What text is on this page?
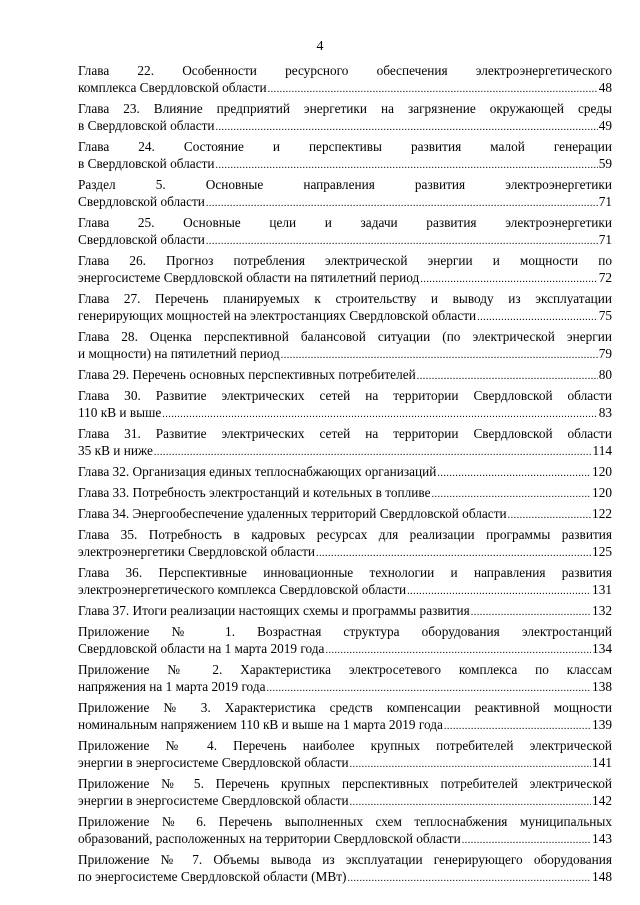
4
Глава 22. Особенности ресурсного обеспечения электроэнергетического
комплекса Свердловской области .....	48
Глава 23. Влияние предприятий энергетики на загрязнение окружающей среды
в Свердловской области .....	49
Глава 24. Состояние и перспективы развития малой генерации
в Свердловской области .....	59
Раздел 5. Основные направления развития электроэнергетики
Свердловской области .....	71
Глава 25. Основные цели и задачи развития электроэнергетики
Свердловской области .....	71
Глава 26. Прогноз потребления электрической энергии и мощности по
энергосистеме Свердловской области на пятилетний период .....	72
Глава 27. Перечень планируемых к строительству и выводу из эксплуатации
генерирующих мощностей на электростанциях Свердловской области .....	75
Глава 28. Оценка перспективной балансовой ситуации (по электрической энергии
и мощности) на пятилетний период .....	79
Глава 29. Перечень основных перспективных потребителей .....	80
Глава 30. Развитие электрических сетей на территории Свердловской области
110 кВ и выше .....	83
Глава 31. Развитие электрических сетей на территории Свердловской области
35 кВ и ниже .....	114
Глава 32. Организация единых теплоснабжающих организаций .....	120
Глава 33. Потребность электростанций и котельных в топливе .....	120
Глава 34. Энергообеспечение удаленных территорий Свердловской области .....	122
Глава 35. Потребность в кадровых ресурсах для реализации программы развития
электроэнергетики Свердловской области .....	125
Глава 36. Перспективные инновационные технологии и направления развития
электроэнергетического комплекса Свердловской области .....	131
Глава 37. Итоги реализации настоящих схемы и программы развития .....	132
Приложение № 1. Возрастная структура оборудования электростанций
Свердловской области на 1 марта 2019 года .....	134
Приложение № 2. Характеристика электросетевого комплекса по классам
напряжения на 1 марта 2019 года .....	138
Приложение № 3. Характеристика средств компенсации реактивной мощности
номинальным напряжением 110 кВ и выше на 1 марта 2019 года .....	139
Приложение № 4. Перечень наиболее крупных потребителей электрической
энергии в энергосистеме Свердловской области .....	141
Приложение № 5. Перечень крупных перспективных потребителей электрической
энергии в энергосистеме Свердловской области .....	142
Приложение № 6. Перечень выполненных схем теплоснабжения муниципальных
образований, расположенных на территории Свердловской области .....	143
Приложение № 7. Объемы вывода из эксплуатации генерирующего оборудования
по энергосистеме Свердловской области (МВт) .....	148
